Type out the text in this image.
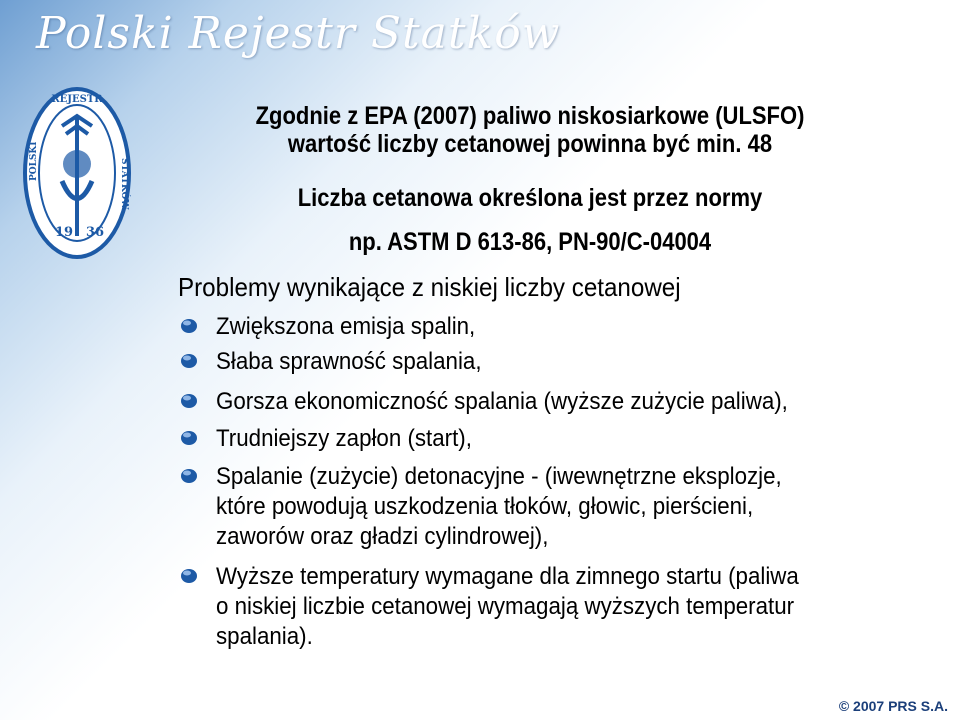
Polski Rejestr Statków
REJESTR
POLSKI	STATKÓW
19 36
Zgodnie z EPA (2007) paliwo niskosiarkowe (ULSFO)
wartość liczby cetanowej powinna być min. 48
Liczba cetanowa określona jest przez normy
np. ASTM D 613-86, PN-90/C-04004
Problemy wynikające z niskiej liczby cetanowej
Zwiększona emisja spalin,
Słaba sprawność spalania,
Gorsza ekonomiczność spalania (wyższe zużycie paliwa),
Trudniejszy zapłon (start),
Spalanie (zużycie) detonacyjne - (iwewnętrzne eksplozje,
które powodują uszkodzenia tłoków, głowic, pierścieni,
zaworów oraz gładzi cylindrowej),
Wyższe temperatury wymagane dla zimnego startu (paliwa
o niskiej liczbie cetanowej wymagają wyższych temperatur
spalania).
© 2007 PRS S.A.
